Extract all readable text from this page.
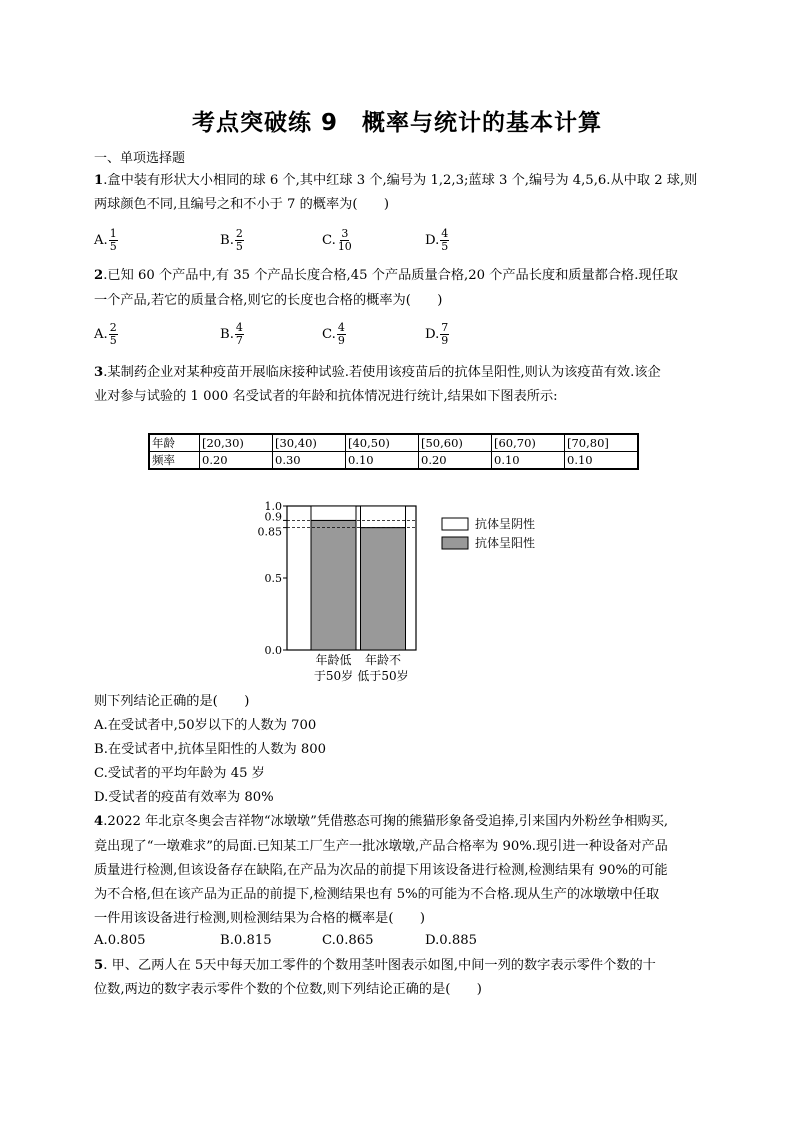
考点突破练 9　概率与统计的基本计算
一、单项选择题
1.盒中装有形状大小相同的球 6 个,其中红球 3 个,编号为 1,2,3;蓝球 3 个,编号为 4,5,6.从中取 2 球,则
两球颜色不同,且编号之和不小于 7 的概率为(　　)
A. $\frac{1}{5}$	B. $\frac{2}{5}$	C. $\frac{3}{10}$	D. $\frac{4}{5}$
2.已知 60 个产品中,有 35 个产品长度合格,45 个产品质量合格,20 个产品长度和质量都合格.现任取
一个产品,若它的质量合格,则它的长度也合格的概率为(　　)
A. $\frac{2}{5}$	B. $\frac{4}{7}$	C. $\frac{4}{9}$	D. $\frac{7}{9}$
3.某制药企业对某种疫苗开展临床接种试验.若使用该疫苗后的抗体呈阳性,则认为该疫苗有效.该企
业对参与试验的 1 000 名受试者的年龄和抗体情况进行统计,结果如下图表所示:
年龄	[20,30)	[30,40)	[40,50)	[50,60)	[60,70)	[70,80]
频率	0.20	0.30	0.10	0.20	0.10	0.10
年龄低
于50岁
年龄不
低于50岁
0.0
0.5
0.85
0.9
1.0
抗体呈阴性
抗体呈阳性
则下列结论正确的是(　　)
A.在受试者中,50岁以下的人数为 700
B.在受试者中,抗体呈阳性的人数为 800
C.受试者的平均年龄为 45 岁
D.受试者的疫苗有效率为 80%
4.2022 年北京冬奥会吉祥物“冰墩墩”凭借憨态可掬的熊猫形象备受追捧,引来国内外粉丝争相购买,
竟出现了“一墩难求”的局面.已知某工厂生产一批冰墩墩,产品合格率为 90%.现引进一种设备对产品
质量进行检测,但该设备存在缺陷,在产品为次品的前提下用该设备进行检测,检测结果有 90%的可能
为不合格,但在该产品为正品的前提下,检测结果也有 5%的可能为不合格.现从生产的冰墩墩中任取
一件用该设备进行检测,则检测结果为合格的概率是(　　)
A.0.805	B.0.815	C.0.865	D.0.885
5. 甲、乙两人在 5天中每天加工零件的个数用茎叶图表示如图,中间一列的数字表示零件个数的十
位数,两边的数字表示零件个数的个位数,则下列结论正确的是(　　)
